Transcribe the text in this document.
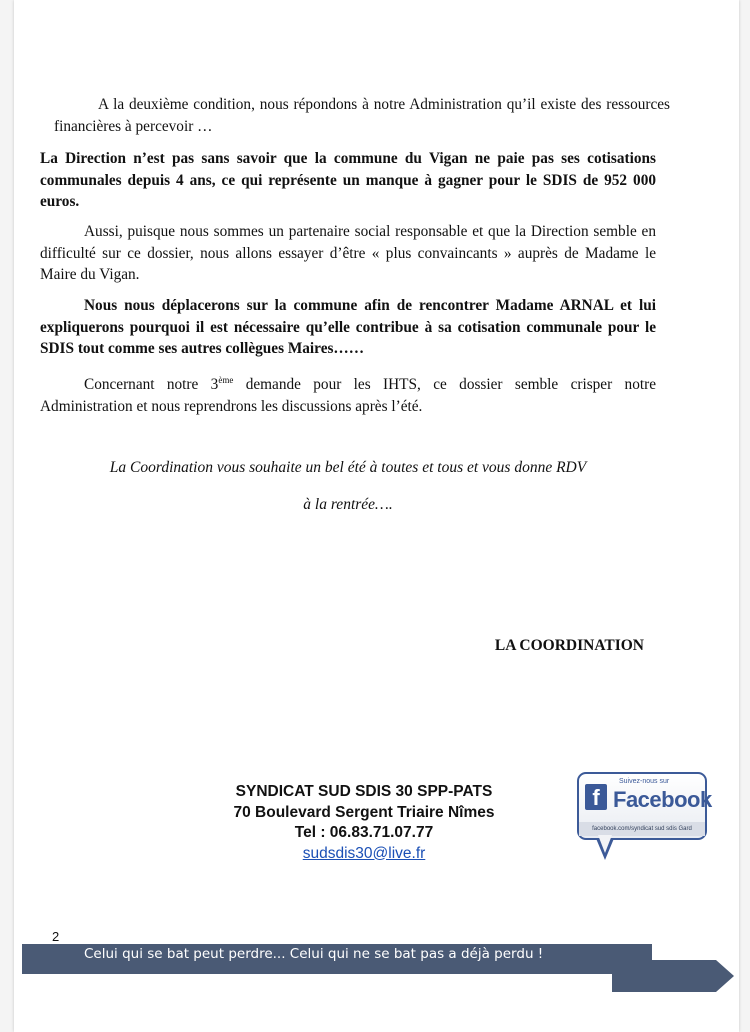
A la deuxième condition, nous répondons à notre Administration qu’il existe des ressources financières à percevoir …

La Direction n’est pas sans savoir que la commune du Vigan ne paie pas ses cotisations communales depuis 4 ans, ce qui représente un manque à gagner pour le SDIS de 952 000 euros.

Aussi, puisque nous sommes un partenaire social responsable et que la Direction semble en difficulté sur ce dossier, nous allons essayer d’être « plus convaincants » auprès de Madame le Maire du Vigan.

Nous nous déplacerons sur la commune afin de rencontrer Madame ARNAL et lui expliquerons pourquoi il est nécessaire qu’elle contribue à sa cotisation communale pour le SDIS tout comme ses autres collègues Maires……

Concernant notre 3ème demande pour les IHTS, ce dossier semble crisper notre Administration et nous reprendrons les discussions après l’été.

La Coordination vous souhaite un bel été à toutes et tous et vous donne RDV

à la rentrée….

LA COORDINATION

SYNDICAT SUD SDIS 30 SPP-PATS
70 Boulevard Sergent Triaire Nîmes
Tel : 06.83.71.07.77
sudsdis30@live.fr
f
Suivez-nous sur
Facebook
facebook.com/syndicat sud sdis Gard
2
Celui qui se bat peut perdre... Celui qui ne se bat pas a déjà perdu !
